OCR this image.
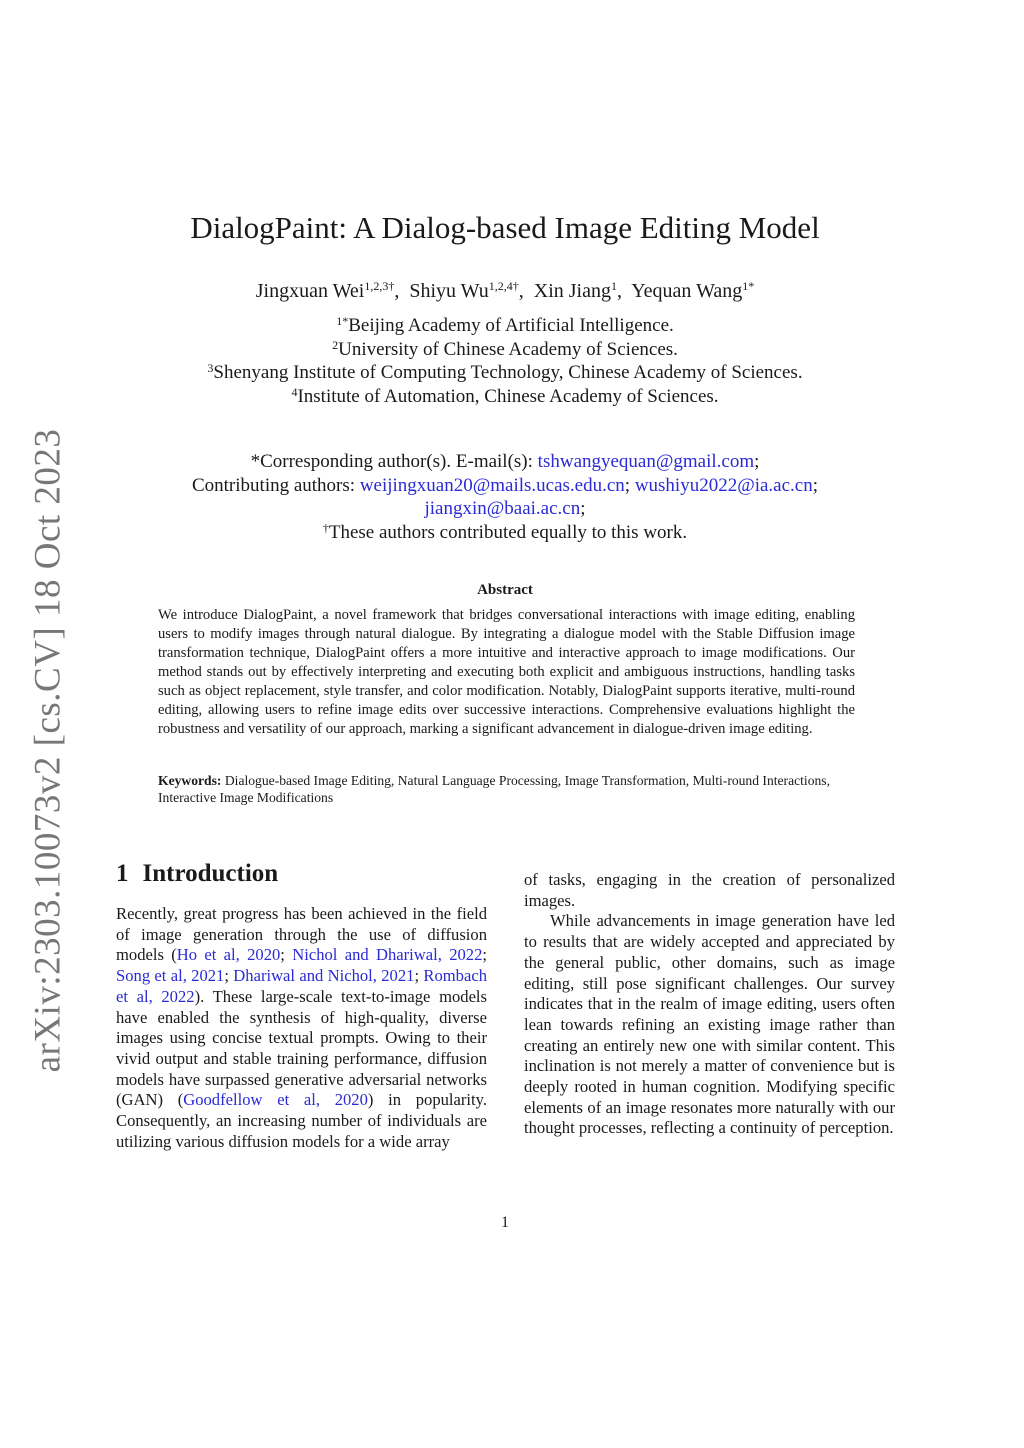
arXiv:2303.10073v2 [cs.CV] 18 Oct 2023
DialogPaint: A Dialog-based Image Editing Model
Jingxuan Wei$^{1,2,3\dagger}$,  Shiyu $Wu^{1,2,4\dagger}$,  Xin Jiang$^1$,  Yequan Wang$^{1*}$
$^{1*}$Beijing Academy of Artificial Intelligence.
$^2$University of Chinese Academy of Sciences.
$^3$Shenyang Institute of Computing Technology, Chinese Academy of Sciences.
$^4$Institute of Automation, Chinese Academy of Sciences.
*Corresponding author(s). E-mail(s): tshwangyequan@gmail.com;
Contributing authors: weijingxuan20@mails.ucas.edu.cn; wushiyu2022@ia.ac.cn;
jiangxin@baai.ac.cn;
†These authors contributed equally to this work.
Abstract
We introduce DialogPaint, a novel framework that bridges conversational interactions with image editing, enabling users to modify images through natural dialogue. By integrating a dialogue model with the Stable Diffusion image transformation technique, DialogPaint offers a more intuitive and interactive approach to image modifications. Our method stands out by effectively interpreting and executing both explicit and ambiguous instructions, handling tasks such as object replacement, style transfer, and color modification. Notably, DialogPaint supports iterative, multi-round editing, allowing users to refine image edits over successive interactions. Comprehensive evaluations highlight the robustness and versatility of our approach, marking a significant advancement in dialogue-driven image editing.
Keywords: Dialogue-based Image Editing, Natural Language Processing, Image Transformation, Multi-round Interactions, Interactive Image Modifications
1 Introduction

Recently, great progress has been achieved in the field of image generation through the use of diffusion models (Ho et al, 2020; Nichol and Dhariwal, 2022; Song et al, 2021; Dhariwal and Nichol, 2021; Rombach et al, 2022). These large-scale text-to-image models have enabled the synthesis of high-quality, diverse images using concise textual prompts. Owing to their vivid output and stable training performance, diffusion models have surpassed generative adversarial networks (GAN) (Goodfellow et al, 2020) in popularity. Consequently, an increasing number of individuals are utilizing various diffusion models for a wide array

of tasks, engaging in the creation of personalized images.

While advancements in image generation have led to results that are widely accepted and appreciated by the general public, other domains, such as image editing, still pose significant challenges. Our survey indicates that in the realm of image editing, users often lean towards refining an existing image rather than creating an entirely new one with similar content. This inclination is not merely a matter of convenience but is deeply rooted in human cognition. Modifying specific elements of an image resonates more naturally with our thought processes, reflecting a continuity of perception.

1
